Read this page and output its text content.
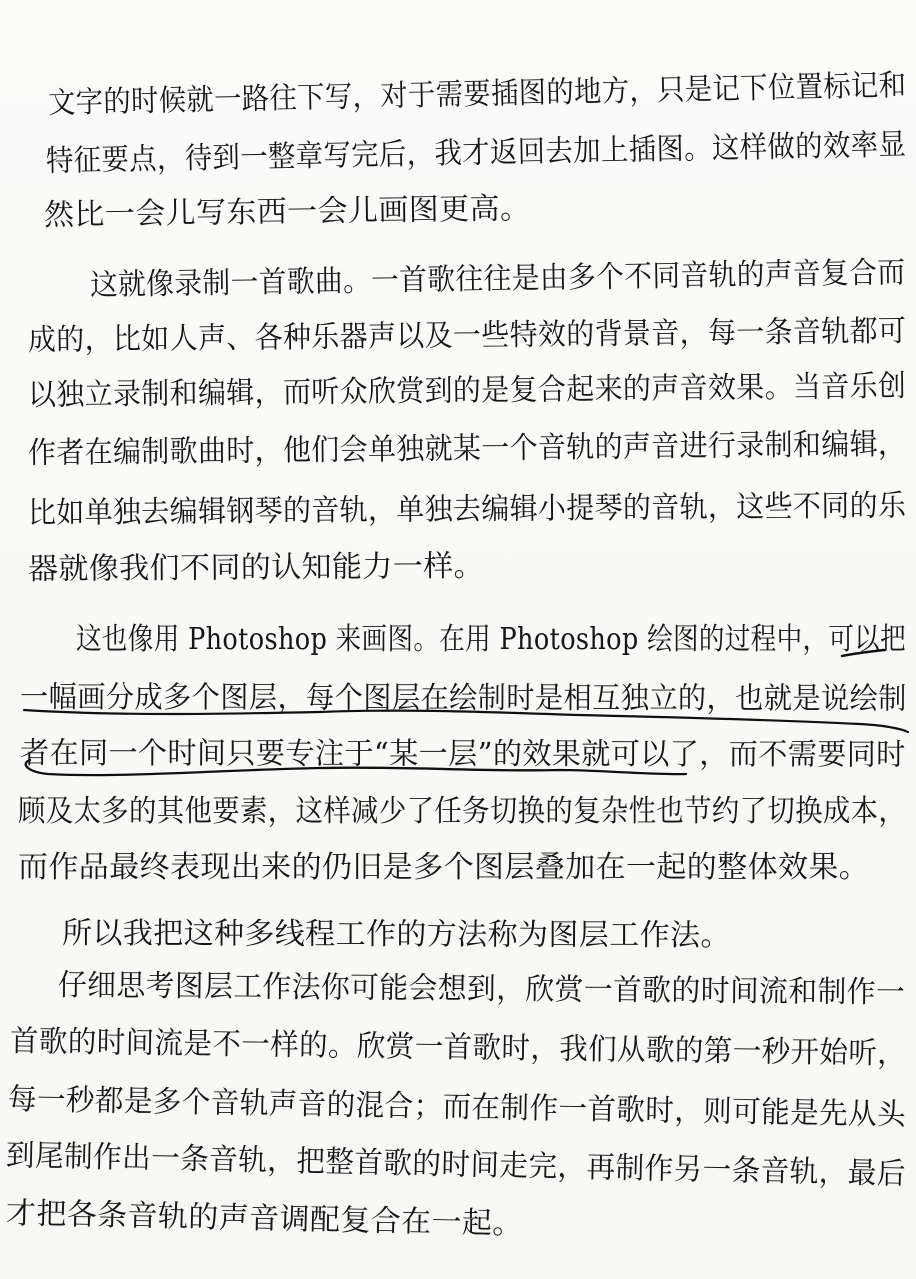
文字的时候就一路往下写，对于需要插图的地方，只是记下位置标记和
特征要点，待到一整章写完后，我才返回去加上插图。这样做的效率显
然比一会儿写东西一会儿画图更高。
这就像录制一首歌曲。一首歌往往是由多个不同音轨的声音复合而
成的，比如人声、各种乐器声以及一些特效的背景音，每一条音轨都可
以独立录制和编辑，而听众欣赏到的是复合起来的声音效果。当音乐创
作者在编制歌曲时，他们会单独就某一个音轨的声音进行录制和编辑，
比如单独去编辑钢琴的音轨，单独去编辑小提琴的音轨，这些不同的乐
器就像我们不同的认知能力一样。
这也像用 Photoshop 来画图。在用 Photoshop 绘图的过程中，可以把
一幅画分成多个图层，每个图层在绘制时是相互独立的，也就是说绘制
者在同一个时间只要专注于“某一层”的效果就可以了，而不需要同时
顾及太多的其他要素，这样减少了任务切换的复杂性也节约了切换成本，
而作品最终表现出来的仍旧是多个图层叠加在一起的整体效果。
所以我把这种多线程工作的方法称为图层工作法。
仔细思考图层工作法你可能会想到，欣赏一首歌的时间流和制作一
首歌的时间流是不一样的。欣赏一首歌时，我们从歌的第一秒开始听，
每一秒都是多个音轨声音的混合；而在制作一首歌时，则可能是先从头
到尾制作出一条音轨，把整首歌的时间走完，再制作另一条音轨，最后
才把各条音轨的声音调配复合在一起。
